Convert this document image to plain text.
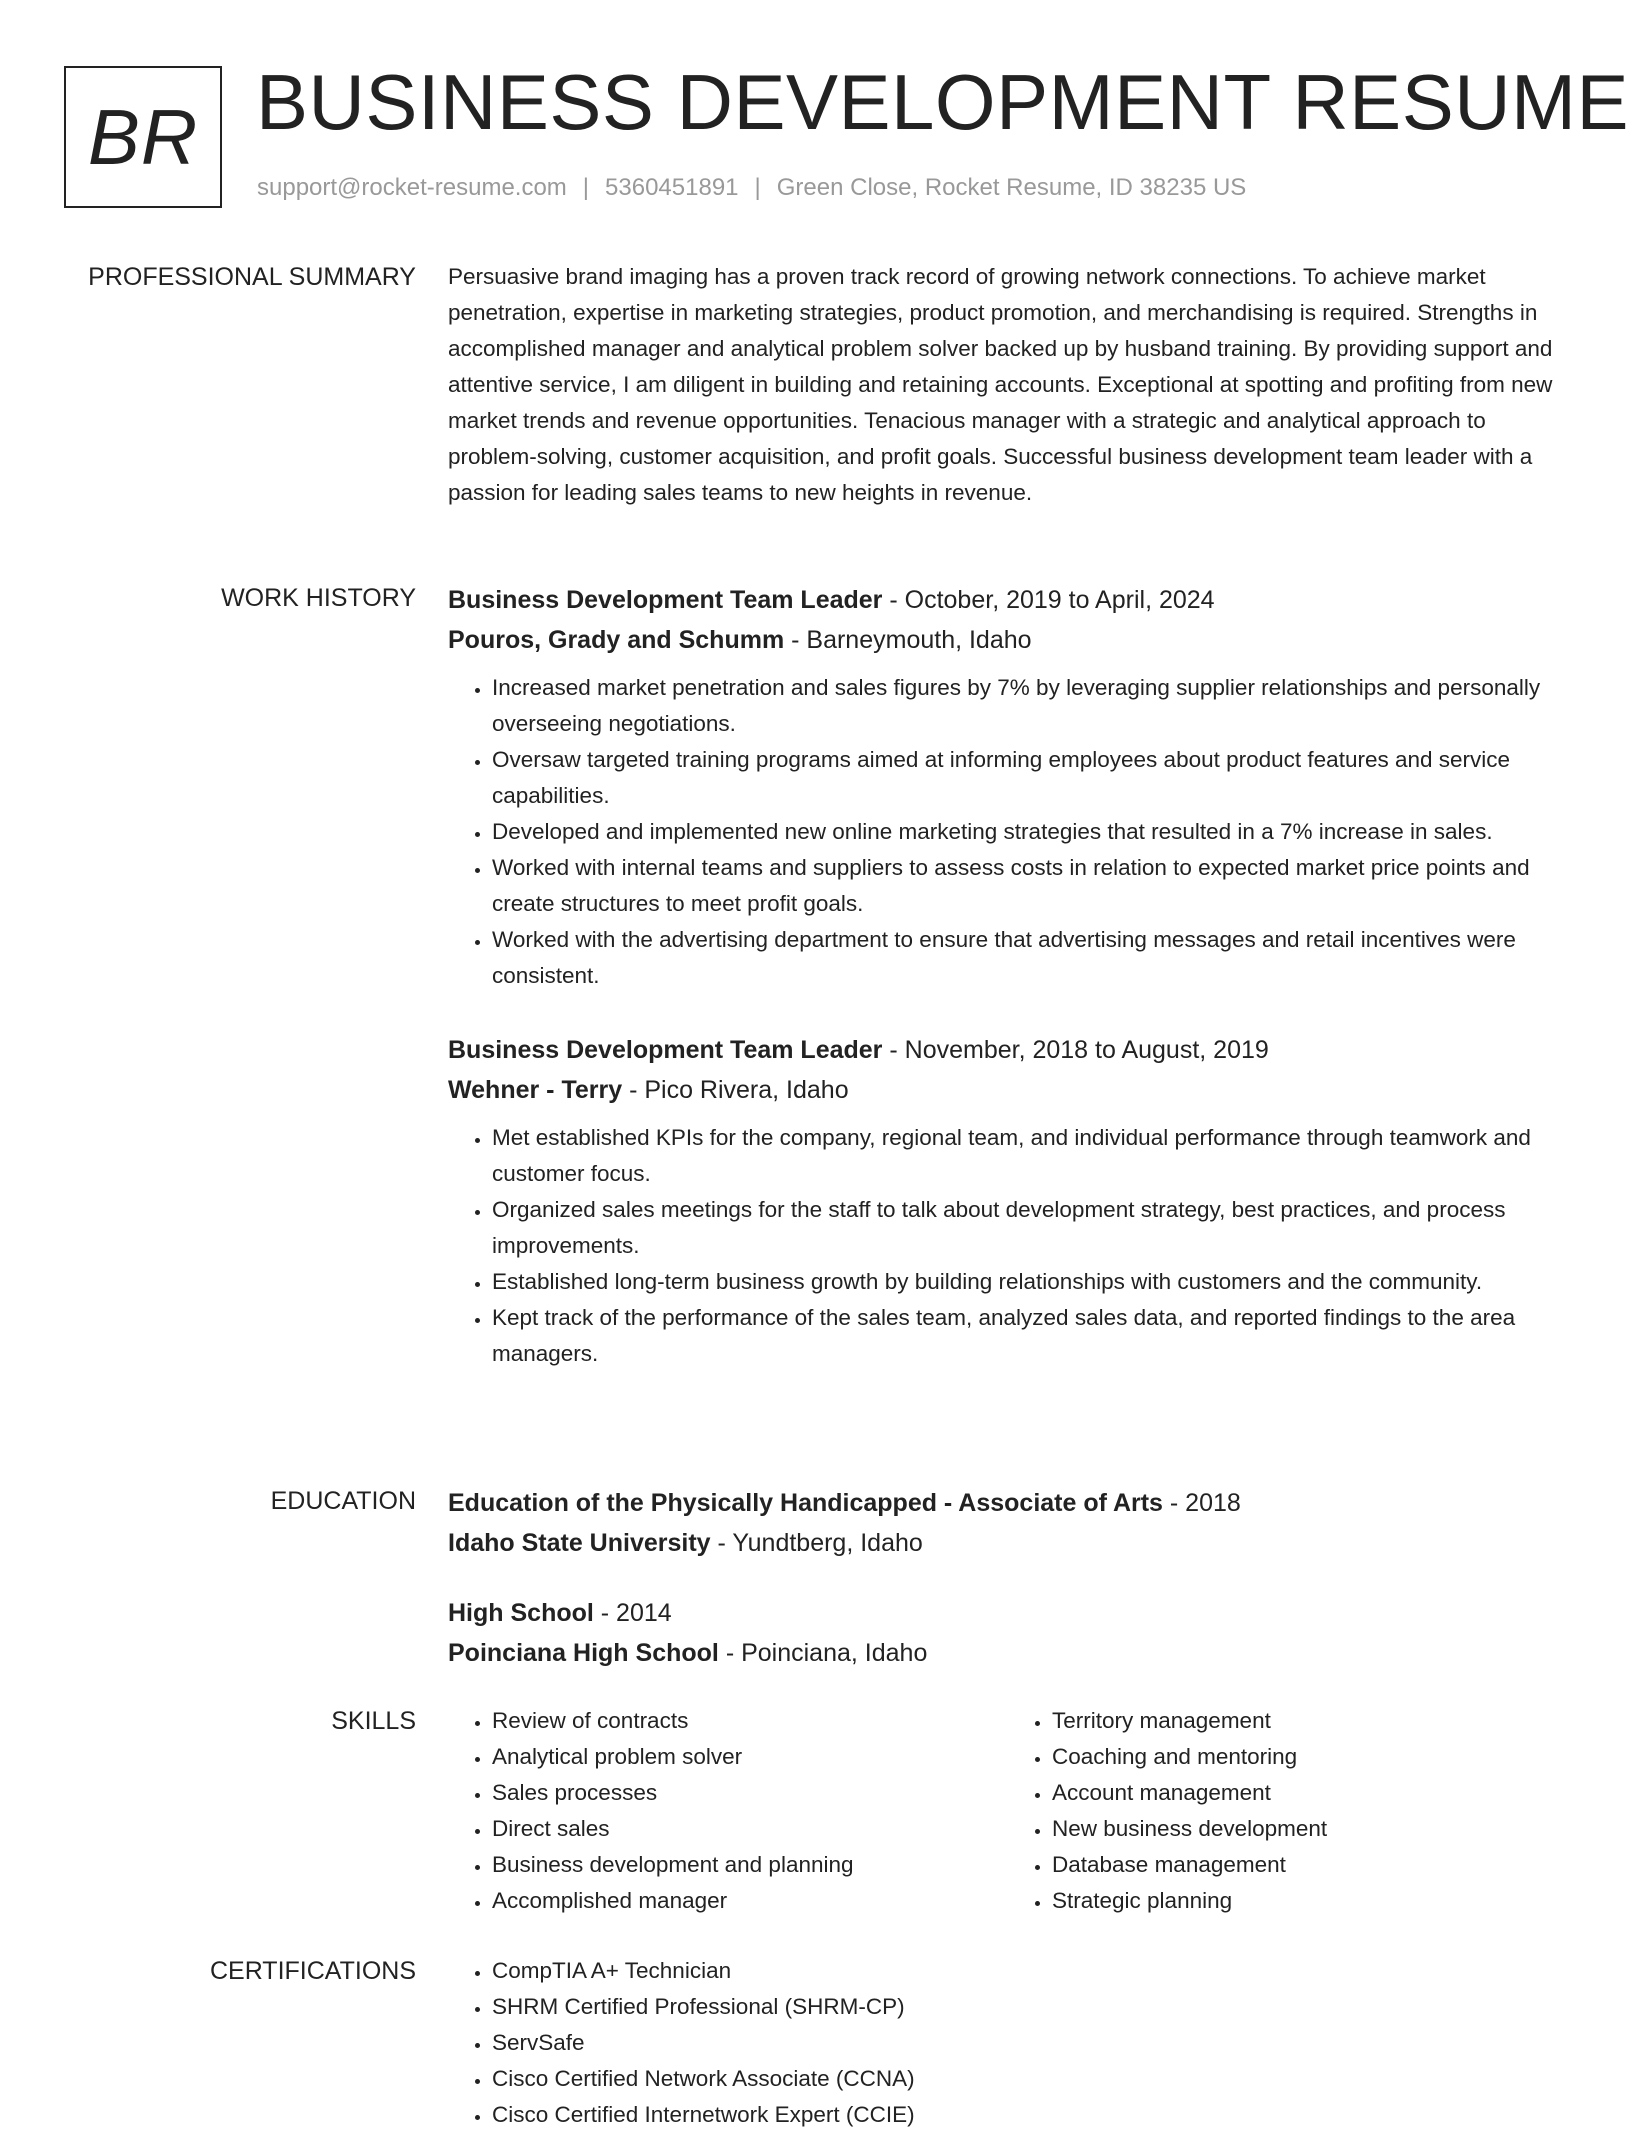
BR BUSINESS DEVELOPMENT RESUME
support@rocket-resume.com | 5360451891 | Green Close, Rocket Resume, ID 38235 US
PROFESSIONAL SUMMARY Persuasive brand imaging has a proven track record of growing network connections. To achieve market penetration, expertise in marketing strategies, product promotion, and merchandising is required. Strengths in accomplished manager and analytical problem solver backed up by husband training. By providing support and attentive service, I am diligent in building and retaining accounts. Exceptional at spotting and profiting from new market trends and revenue opportunities. Tenacious manager with a strategic and analytical approach to problem-solving, customer acquisition, and profit goals. Successful business development team leader with a passion for leading sales teams to new heights in revenue.

WORK HISTORY Business Development Team Leader - October, 2019 to April, 2024
Pouros, Grady and Schumm - Barneymouth, Idaho
• Increased market penetration and sales figures by 7% by leveraging supplier relationships and personally overseeing negotiations.
• Oversaw targeted training programs aimed at informing employees about product features and service capabilities.
• Developed and implemented new online marketing strategies that resulted in a 7% increase in sales.
• Worked with internal teams and suppliers to assess costs in relation to expected market price points and create structures to meet profit goals.
• Worked with the advertising department to ensure that advertising messages and retail incentives were consistent.
Business Development Team Leader - November, 2018 to August, 2019
Wehner - Terry - Pico Rivera, Idaho
• Met established KPIs for the company, regional team, and individual performance through teamwork and customer focus.
• Organized sales meetings for the staff to talk about development strategy, best practices, and process improvements.
• Established long-term business growth by building relationships with customers and the community.
• Kept track of the performance of the sales team, analyzed sales data, and reported findings to the area managers.
EDUCATION Education of the Physically Handicapped - Associate of Arts - 2018
Idaho State University - Yundtberg, Idaho
High School - 2014
Poinciana High School - Poinciana, Idaho
SKILLS	• Review of contracts
• Analytical problem solver
• Sales processes
• Direct sales
• Business development and planning
• Accomplished manager
• Territory management
• Coaching and mentoring
• Account management
• New business development
• Database management
• Strategic planning
CERTIFICATIONS	• CompTIA A+ Technician
• SHRM Certified Professional (SHRM-CP)
• ServSafe
• Cisco Certified Network Associate (CCNA)
• Cisco Certified Internetwork Expert (CCIE)
